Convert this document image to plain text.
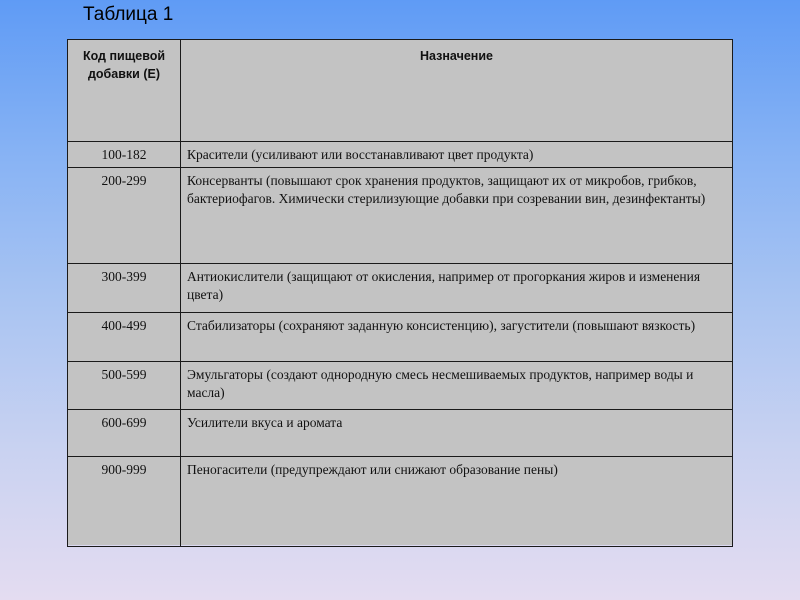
Таблица 1
Код пищевой добавки (Е)	Назначение
100-182	Красители (усиливают или восстанавливают цвет продукта)
200-299	Консерванты (повышают срок хранения продуктов, защищают их от микробов, грибков, бактериофагов. Химически стерилизующие добавки при созревании вин, дезинфектанты)
300-399	Антиокислители (защищают от окисления, например от прогоркания жиров и изменения цвета)
400-499	Стабилизаторы (сохраняют заданную консистенцию), загустители (повышают вязкость)
500-599	Эмульгаторы (создают однородную смесь несмешиваемых продуктов, например воды и масла)
600-699	Усилители вкуса и аромата
900-999	Пеногасители (предупреждают или снижают образование пены)
